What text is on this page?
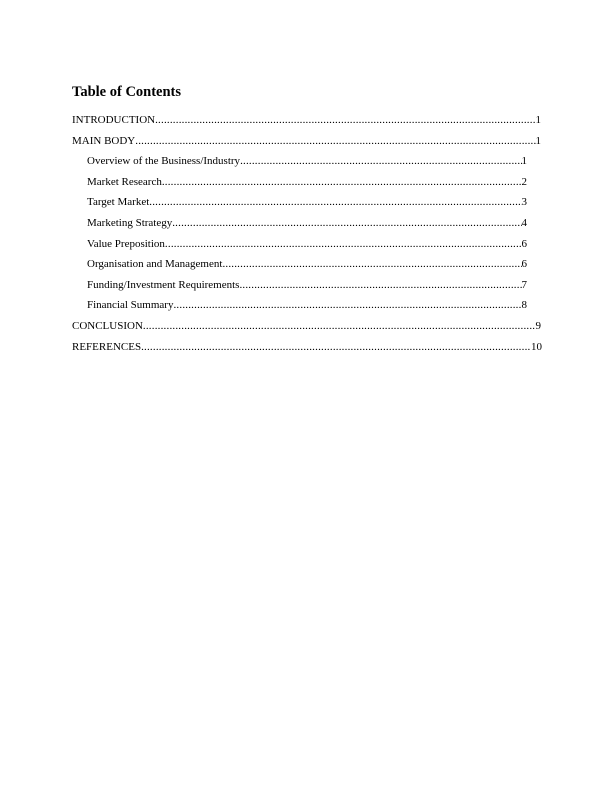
Table of Contents
INTRODUCTION .....	1
MAIN BODY .....	1
Overview of the Business/Industry .....	1
Market Research .....	2
Target Market .....	3
Marketing Strategy .....	4
Value Preposition .....	6
Organisation and Management .....	6
Funding/Investment Requirements .....	7
Financial Summary .....	8
CONCLUSION .....	9
REFERENCES .....	10
